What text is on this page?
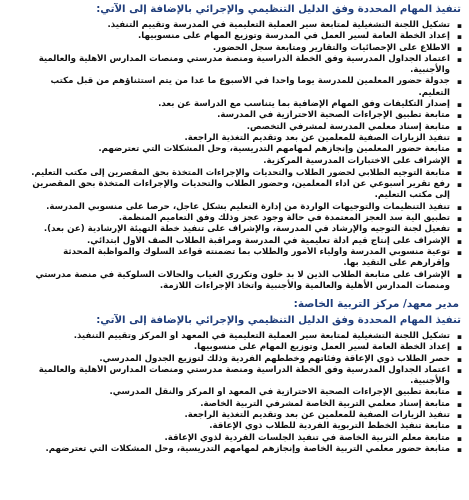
تنفيذ المهام المحددة وفق الدليل التنظيمي والإجرائي بالإضافة إلى الآتي:
▪
تشكيل اللجنة التشغيلية لمتابعة سير العملية التعليمية في المدرسة وتقييم التنفيذ.
▪
إعداد الخطة العامة لسير العمل في المدرسة وتوزيع المهام على منسوبيها.
▪
الاطلاع على الإحصائيات والتقارير ومتابعة سجل الحضور.
▪
اعتماد الجداول المدرسية وفق الخطة الدراسية ومنصة مدرستي ومنصات المدارس الأهلية والعالمية والأجنبية.
▪
جدولة حضور المعلمين للمدرسة يوماً واحداً في الأسبوع ما عدا من يتم استثناؤهم من قبل مكتب التعليم.
▪
إصدار التكليفات وفق المهام الإضافية بما يتناسب مع الدراسة عن بعد.
▪
متابعة تطبيق الإجراءات الصحية الاحترازية في المدرسة.
▪
متابعة إسناد معلمي المدرسة لمشرفي التخصص.
▪
تنفيذ الزيارات الصفية للمعلمين عن بعد وتقديم التغذية الراجعة.
▪
متابعة حضور المعلمين وإنجازهم لمهامهم التدريسية، وحل المشكلات التي تعترضهم.
▪
الإشراف على الاختبارات المدرسية المركزية.
▪
متابعة التوجيه الطلابي لحضور الطلاب والتحديات والإجراءات المتخذة بحق المقصرين إلى مكتب التعليم.
▪
رفع تقرير أسبوعي عن أداء المعلمين، وحضور الطلاب والتحديات والإجراءات المتخذة بحق المقصرين إلى مكتب التعليم.
▪
تنفيذ التنظيمات والتوجيهات الواردة من إدارة التعليم بشكل عاجل، حرصاً على منسوبي المدرسة.
▪
تطبيق آلية سد العجز المعتمدة في حالة وجود عجز وذلك وفق التعاميم المنظمة.
▪
تفعيل لجنة التوجيه والإرشاد في المدرسة، والإشراف على تنفيذ خطة التهيئة الإرشادية (عن بعد).
▪
الإشراف على إنتاج قيم أدلة تعليمية في المدرسة ومراقبة الطلاب الصف الأول ابتدائي.
▪
توعية منسوبي المدرسة وأولياء الأمور والطلاب بما تضمنته قواعد السلوك والمواظبة المحدثة وإقرارهم على التقيد بها.
▪
الإشراف على متابعة الطلاب الذين لا بد خلون وتكرري الغياب والحالات السلوكية في منصة مدرستي ومنصات المدارس الأهلية والعالمية والأجنبية واتخاذ الإجراءات اللازمة.
مدير معهد/ مركز التربية الخاصة:
تنفيذ المهام المحددة وفق الدليل التنظيمي والإجرائي بالإضافة إلى الآتي:
▪
تشكيل اللجنة التشغيلية لمتابعة سير العملية التعليمية في المعهد أو المركز وتقييم التنفيذ.
▪
إعداد الخطة العامة لسير العمل وتوزيع المهام على منسوبيها.
▪
حصر الطلاب ذوي الإعاقة وفئاتهم وخططهم الفردية وذلك لتوزيع الجدول المدرسي.
▪
اعتماد الجداول المدرسية وفق الخطة الدراسية ومنصة مدرستي ومنصات المدارس الأهلية والعالمية والأجنبية.
▪
متابعة تطبيق الإجراءات الصحية الاحترازية في المعهد أو المركز والنقل المدرسي.
▪
متابعة إسناد معلمي التربية الخاصة لمشرفي التربية الخاصة.
▪
تنفيذ الزيارات الصفية للمعلمين عن بعد وتقديم التغذية الراجعة.
▪
متابعة تنفيذ الخطط التربوية الفردية للطلاب ذوي الإعاقة.
▪
متابعة معلم التربية الخاصة في تنفيذ الجلسات الفردية لذوي الإعاقة.
▪
متابعة حضور معلمي التربية الخاصة وإنجازهم لمهامهم التدريسية، وحل المشكلات التي تعترضهم.
